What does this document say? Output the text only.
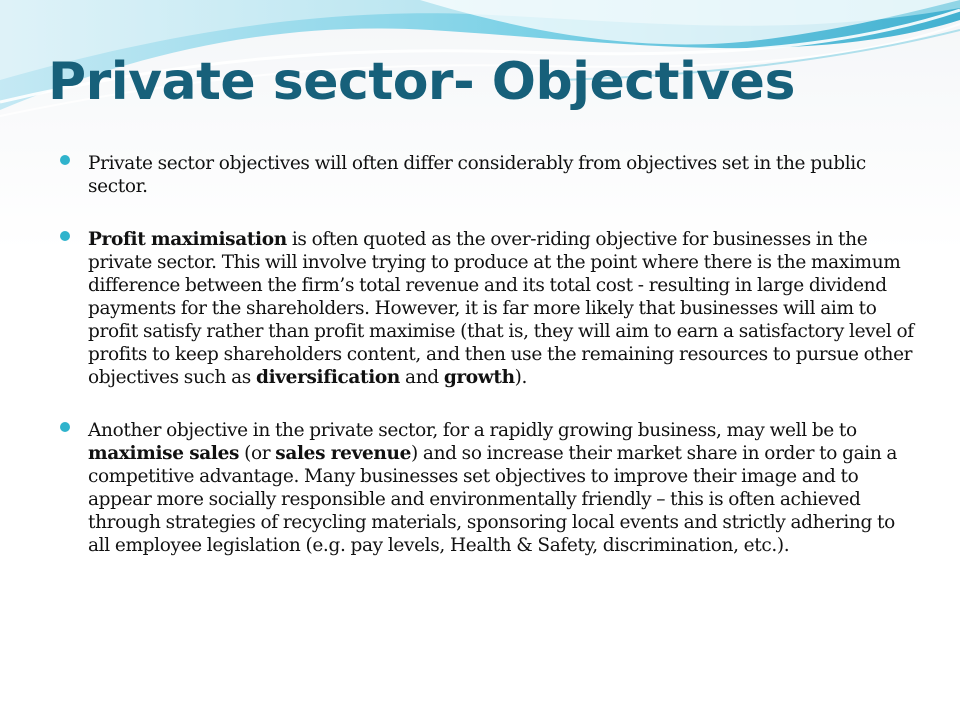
Private sector- Objectives
Private sector objectives will often differ considerably from objectives set in the public sector.
Profit maximisation is often quoted as the over-riding objective for businesses in the private sector. This will involve trying to produce at the point where there is the maximum difference between the firm’s total revenue and its total cost - resulting in large dividend payments for the shareholders. However, it is far more likely that businesses will aim to profit satisfy rather than profit maximise (that is, they will aim to earn a satisfactory level of profits to keep shareholders content, and then use the remaining resources to pursue other objectives such as diversification and growth).
Another objective in the private sector, for a rapidly growing business, may well be to maximise sales (or sales revenue) and so increase their market share in order to gain a competitive advantage. Many businesses set objectives to improve their image and to appear more socially responsible and environmentally friendly – this is often achieved through strategies of recycling materials, sponsoring local events and strictly adhering to all employee legislation (e.g. pay levels, Health & Safety, discrimination, etc.).
